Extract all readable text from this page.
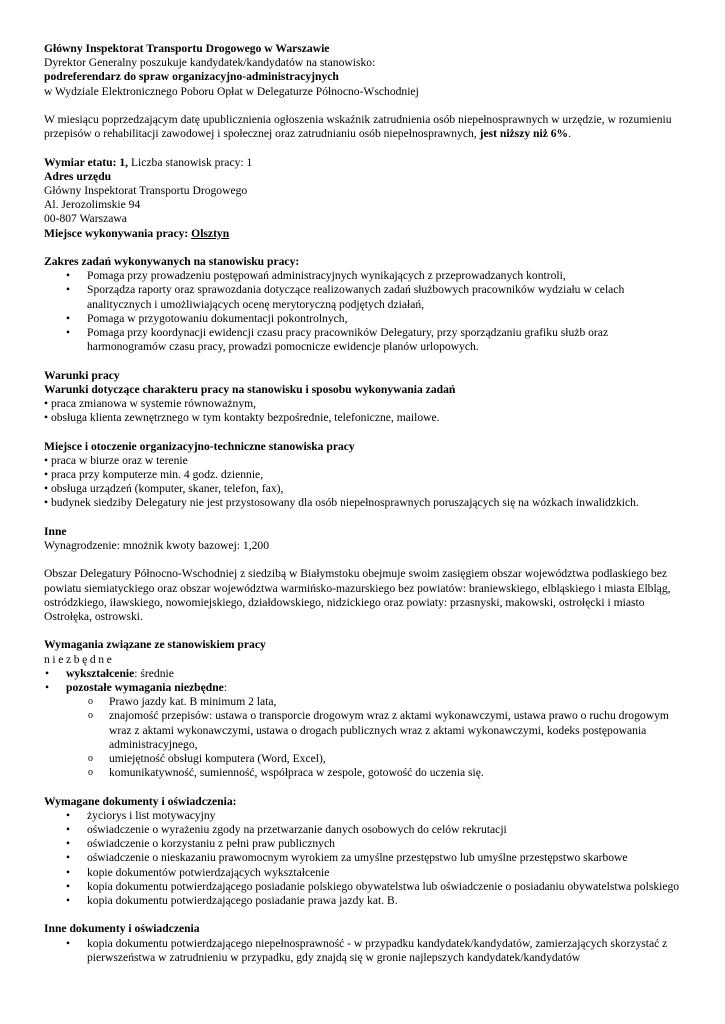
Główny Inspektorat Transportu Drogowego w Warszawie

Dyrektor Generalny poszukuje kandydatek/kandydatów na stanowisko:

podreferendarz do spraw organizacyjno-administracyjnych

w Wydziale Elektronicznego Poboru Opłat w Delegaturze Północno-Wschodniej

W miesiącu poprzedzającym datę upublicznienia ogłoszenia wskaźnik zatrudnienia osób niepełnosprawnych w urzędzie, w rozumieniu przepisów o rehabilitacji zawodowej i społecznej oraz zatrudnianiu osób niepełnosprawnych, jest niższy niż 6%.

Wymiar etatu: 1, Liczba stanowisk pracy: 1

Adres urzędu

Główny Inspektorat Transportu Drogowego

Al. Jerozolimskie 94

00-807 Warszawa

Miejsce wykonywania pracy: Olsztyn

Zakres zadań wykonywanych na stanowisku pracy:

• Pomaga przy prowadzeniu postępowań administracyjnych wynikających z przeprowadzanych kontroli,
• Sporządza raporty oraz sprawozdania dotyczące realizowanych zadań służbowych pracowników wydziału w celach analitycznych i umożliwiających ocenę merytoryczną podjętych działań,
• Pomaga w przygotowaniu dokumentacji pokontrolnych,
• Pomaga przy koordynacji ewidencji czasu pracy pracowników Delegatury, przy sporządzaniu grafiku służb oraz harmonogramów czasu pracy, prowadzi pomocnicze ewidencje planów urlopowych.

Warunki pracy

Warunki dotyczące charakteru pracy na stanowisku i sposobu wykonywania zadań

• praca zmianowa w systemie równoważnym,

• obsługa klienta zewnętrznego w tym kontakty bezpośrednie, telefoniczne, mailowe.

Miejsce i otoczenie organizacyjno-techniczne stanowiska pracy

• praca w biurze oraz w terenie

• praca przy komputerze min. 4 godz. dziennie,

• obsługa urządzeń (komputer, skaner, telefon, fax),

• budynek siedziby Delegatury nie jest przystosowany dla osób niepełnosprawnych poruszających się na wózkach inwalidzkich.

Inne

Wynagrodzenie: mnożnik kwoty bazowej: 1,200

Obszar Delegatury Północno-Wschodniej z siedzibą w Białymstoku obejmuje swoim zasięgiem obszar województwa podlaskiego bez powiatu siemiatyckiego oraz obszar województwa warmińsko-mazurskiego bez powiatów: braniewskiego, elbląskiego i miasta Elbląg, ostródzkiego, iławskiego, nowomiejskiego, działdowskiego, nidzickiego oraz powiaty: przasnyski, makowski, ostrołęcki i miasto Ostrołęka, ostrowski.

Wymagania związane ze stanowiskiem pracy

niezbędne

• wykształcenie: średnie
• pozostałe wymagania niezbędne:
o Prawo jazdy kat. B minimum 2 lata,
o znajomość przepisów: ustawa o transporcie drogowym wraz z aktami wykonawczymi, ustawa prawo o ruchu drogowym wraz z aktami wykonawczymi, ustawa o drogach publicznych wraz z aktami wykonawczymi, kodeks postępowania administracyjnego,
o umiejętność obsługi komputera (Word, Excel),
o komunikatywność, sumienność, współpraca w zespole, gotowość do uczenia się.

Wymagane dokumenty i oświadczenia:

• życiorys i list motywacyjny
• oświadczenie o wyrażeniu zgody na przetwarzanie danych osobowych do celów rekrutacji
• oświadczenie o korzystaniu z pełni praw publicznych
• oświadczenie o nieskazaniu prawomocnym wyrokiem za umyślne przestępstwo lub umyślne przestępstwo skarbowe
• kopie dokumentów potwierdzających wykształcenie
• kopia dokumentu potwierdzającego posiadanie polskiego obywatelstwa lub oświadczenie o posiadaniu obywatelstwa polskiego
• kopia dokumentu potwierdzającego posiadanie prawa jazdy kat. B.

Inne dokumenty i oświadczenia

• kopia dokumentu potwierdzającego niepełnosprawność - w przypadku kandydatek/kandydatów, zamierzających skorzystać z pierwszeństwa w zatrudnieniu w przypadku, gdy znajdą się w gronie najlepszych kandydatek/kandydatów
